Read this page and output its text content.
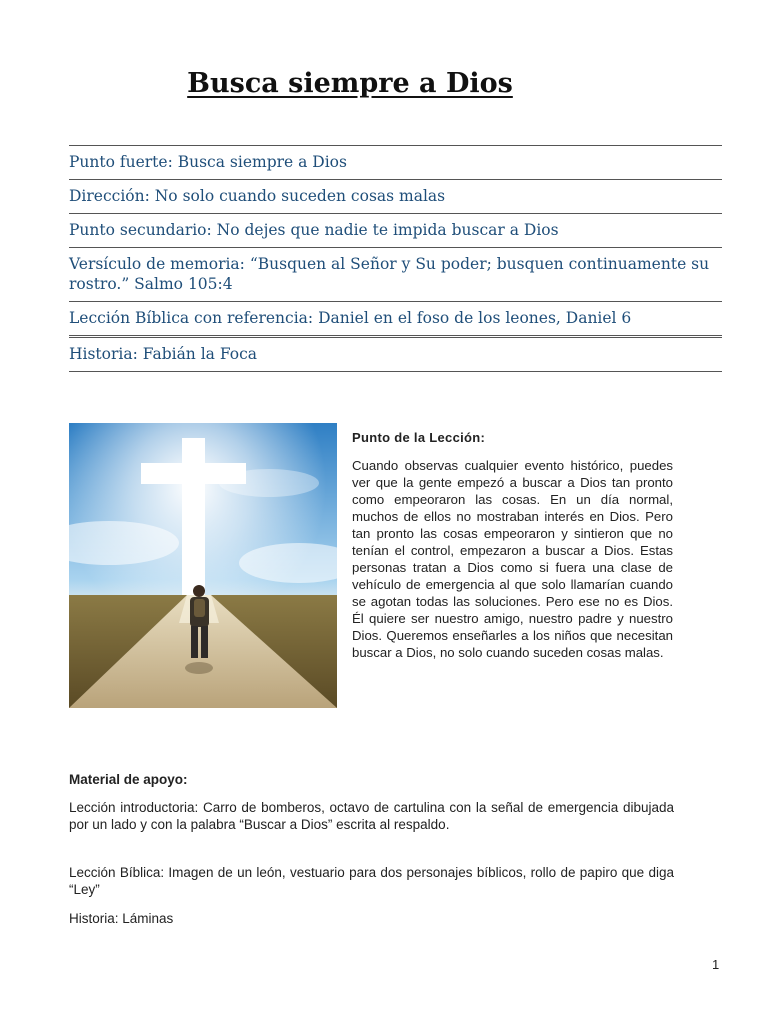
Busca siempre a Dios
Punto fuerte: Busca siempre a Dios
Dirección: No solo cuando suceden cosas malas
Punto secundario: No dejes que nadie te impida buscar a Dios
Versículo de memoria: “Busquen al Señor y Su poder; busquen continuamente su rostro.” Salmo 105:4
Lección Bíblica con referencia: Daniel en el foso de los leones, Daniel 6
Historia: Fabián la Foca
Punto de la Lección:
Cuando observas cualquier evento histórico, puedes ver que la gente empezó a buscar a Dios tan pronto como empeoraron las cosas. En un día normal, muchos de ellos no mostraban interés en Dios. Pero tan pronto las cosas empeoraron y sintieron que no tenían el control, empezaron a buscar a Dios. Estas personas tratan a Dios como si fuera una clase de vehículo de emergencia al que solo llamarían cuando se agotan todas las soluciones. Pero ese no es Dios. Él quiere ser nuestro amigo, nuestro padre y nuestro Dios. Queremos enseñarles a los niños que necesitan buscar a Dios, no solo cuando suceden cosas malas.
Material de apoyo:
Lección introductoria: Carro de bomberos, octavo de cartulina con la señal de emergencia dibujada por un lado y con la palabra “Buscar a Dios” escrita al respaldo.
Lección Bíblica: Imagen de un león, vestuario para dos personajes bíblicos, rollo de papiro que diga “Ley”
Historia: Láminas
1
